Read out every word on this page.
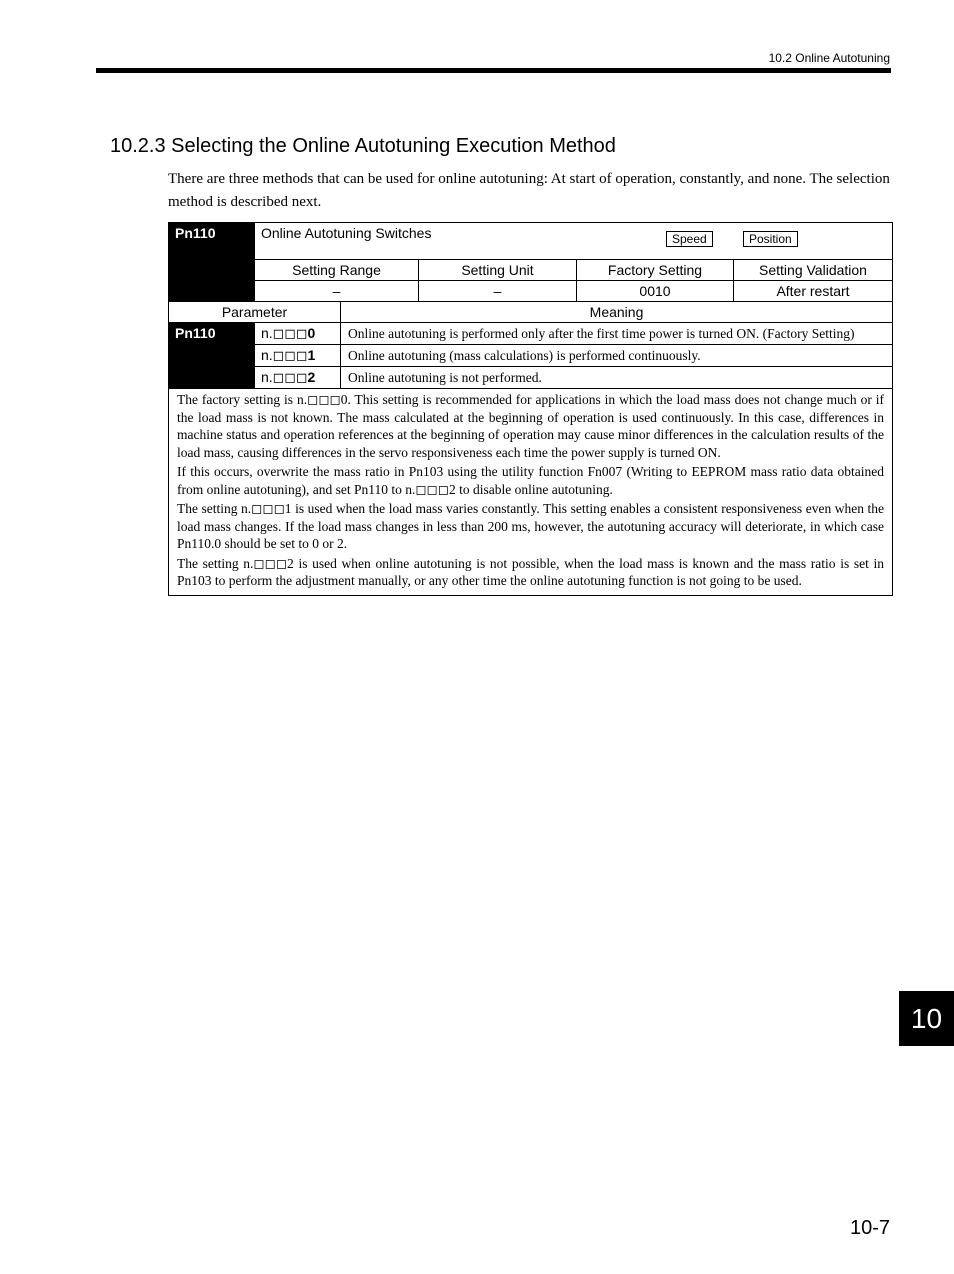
10.2 Online Autotuning
10.2.3 Selecting the Online Autotuning Execution Method

There are three methods that can be used for online autotuning: At start of operation, constantly, and none. The selection method is described next.

Pn110	Online Autotuning Switches Speed Position				

	Setting Range		Setting Unit	Factory Setting	Setting Validation
	–		–	0010	After restart
Parameter		Meaning			
Pn110	n.◻◻◻0	Online autotuning is performed only after the first time power is turned ON. (Factory Setting)			
	n.◻◻◻1	Online autotuning (mass calculations) is performed continuously.			
	n.◻◻◻2	Online autotuning is not performed.			

The factory setting is n.◻◻◻0. This setting is recommended for applications in which the load mass does not change much or if the load mass is not known. The mass calculated at the beginning of operation is used continuously. In this case, differences in machine status and operation references at the beginning of operation may cause minor differences in the calculation results of the load mass, causing differences in the servo responsiveness each time the power supply is turned ON.

If this occurs, overwrite the mass ratio in Pn103 using the utility function Fn007 (Writing to EEPROM mass ratio data obtained from online autotuning), and set Pn110 to n.◻◻◻2 to disable online autotuning.

The setting n.◻◻◻1 is used when the load mass varies constantly. This setting enables a consistent responsiveness even when the load mass changes. If the load mass changes in less than 200 ms, however, the autotuning accuracy will deteriorate, in which case Pn110.0 should be set to 0 or 2.

The setting n.◻◻◻2 is used when online autotuning is not possible, when the load mass is known and the mass ratio is set in Pn103 to perform the adjustment manually, or any other time the online autotuning function is not going to be used.					

10
10-7
